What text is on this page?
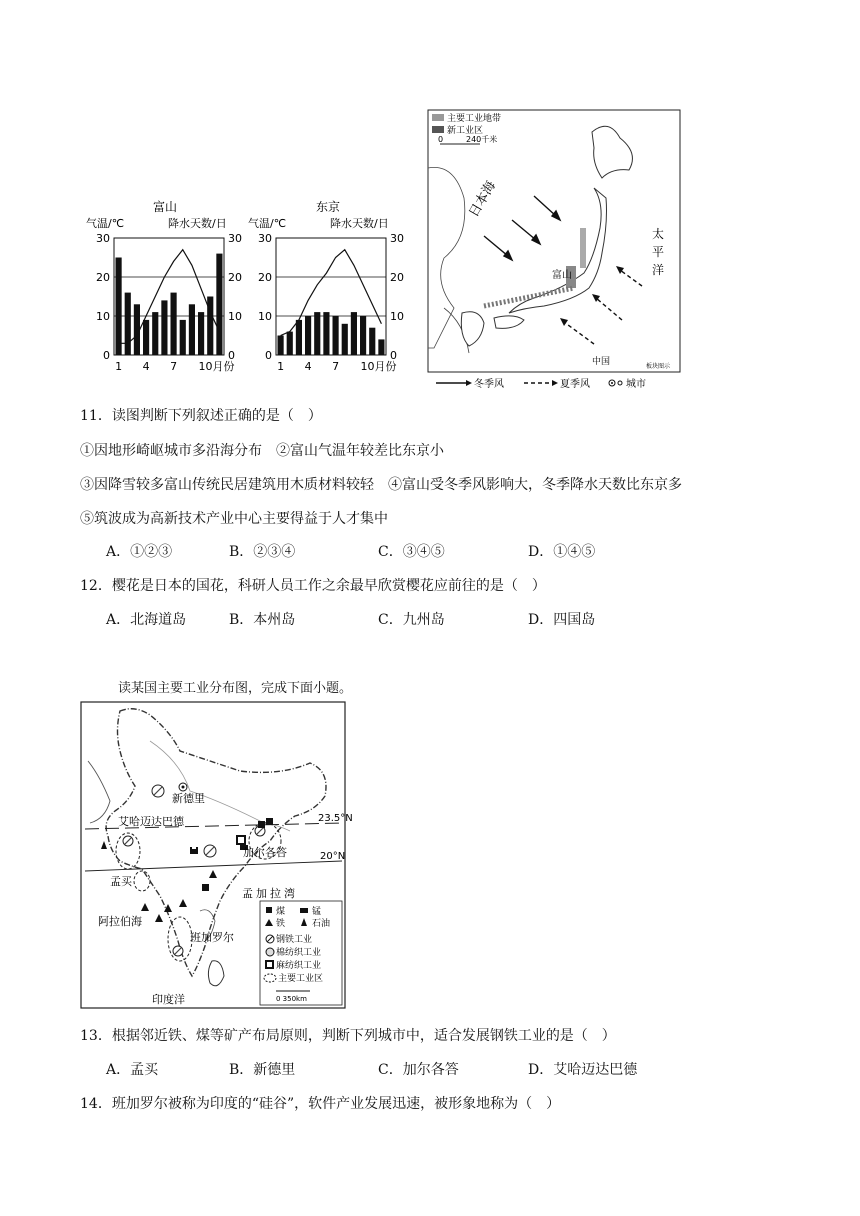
富山
气温/℃	降水天数/日
0	0
10	10
20	20
30	30
1 4 7 10月份
东京
气温/℃	降水天数/日
0	0
10	10
20	20
30	30
1 4 7 10月份
主要工业地带
新工业区
0	240千米
日本海
太
平
洋
富山
中国	板块图示
冬季风	夏季风	城市
11．读图判断下列叙述正确的是（　）
①因地形崎岖城市多沿海分布　②富山气温年较差比东京小
③因降雪较多富山传统民居建筑用木质材料较轻　④富山受冬季风影响大，冬季降水天数比东京多
⑤筑波成为高新技术产业中心主要得益于人才集中
A．①②③	B．②③④	C．③④⑤	D．①④⑤
12．樱花是日本的国花，科研人员工作之余最早欣赏樱花应前往的是（　）
A．北海道岛	B．本州岛	C．九州岛	D．四国岛
读某国主要工业分布图，完成下面小题。
23.5°N
20°N
新德里
艾哈迈达巴德
加尔各答
孟买
孟加拉湾
阿拉伯海
班加罗尔
印度洋
煤	锰
铁	石油
钢铁工业
棉纺织工业
麻纺织工业
主要工业区
0 350km
13．根据邻近铁、煤等矿产布局原则，判断下列城市中，适合发展钢铁工业的是（　）
A．孟买	B．新德里	C．加尔各答	D．艾哈迈达巴德
14．班加罗尔被称为印度的“硅谷”，软件产业发展迅速，被形象地称为（　）
